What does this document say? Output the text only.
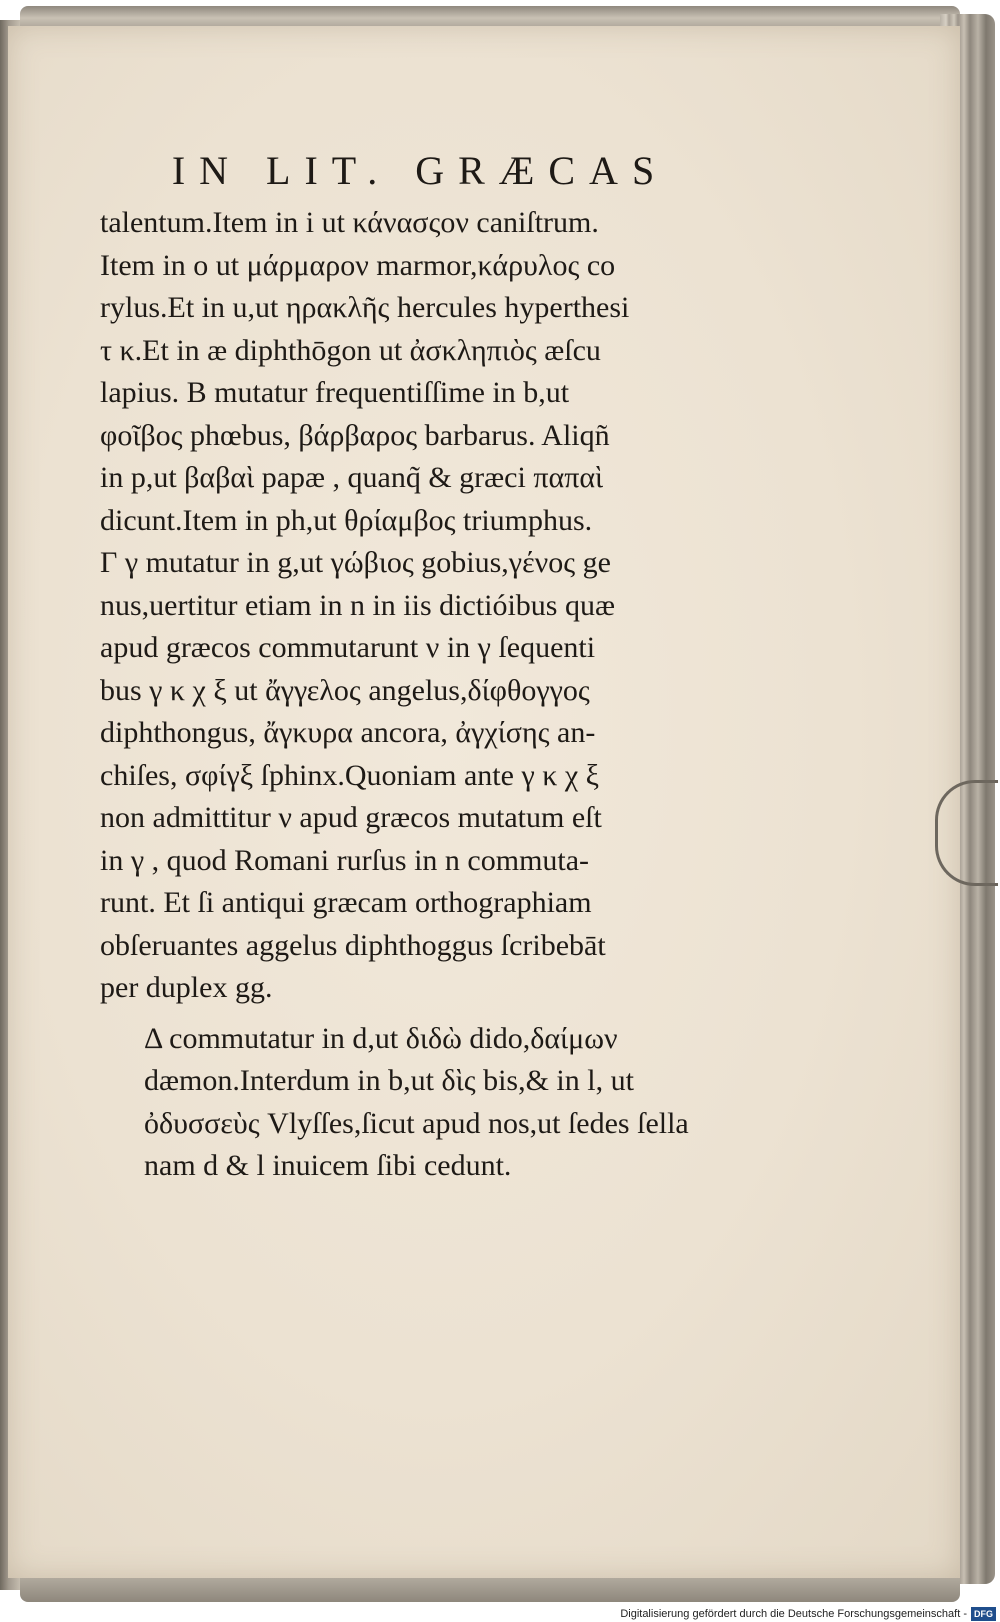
IN LIT. GRÆCAS
talentum.Item in i ut κάνασςον caniſtrum.
Item in o ut μάρμαρον marmor,κάρυλος co
rylus.Et in u,ut ηρακλῆς hercules hyperthesi
τ κ.Et in æ diphthōgon ut ἀσκληπιὸς æſcu
lapius. B mutatur frequentiſſime in b,ut
φοῖβος phœbus, βάρβαρος barbarus. Aliqñ
in p,ut βαβαὶ papæ , quanq̃ & græci παπαὶ
dicunt.Item in ph,ut θρίαμβος triumphus.
Γ γ mutatur in g,ut γώβιος gobius,γένος ge
nus,uertitur etiam in n in iis dictióibus quæ
apud græcos commutarunt ν in γ ſequenti
bus γ κ χ ξ ut ἄγγελος angelus,δίφθογγος
diphthongus, ἄγκυρα ancora, ἀγχίσης an-
chiſes, σφίγξ ſphinx.Quoniam ante γ κ χ ξ
non admittitur ν apud græcos mutatum eſt
in γ , quod Romani rurſus in n commuta-
runt. Et ſi antiqui græcam orthographiam
obſeruantes aggelus diphthoggus ſcribebāt
per duplex gg.
Δ commutatur in d,ut διδὼ dido,δαίμων
dæmon.Interdum in b,ut δὶς bis,& in l, ut
ὀδυσσεὺς Vlyſſes,ſicut apud nos,ut ſedes ſella
nam d & l inuicem ſibi cedunt.
Digitalisierung gefördert durch die Deutsche Forschungsgemeinschaft - DFG
